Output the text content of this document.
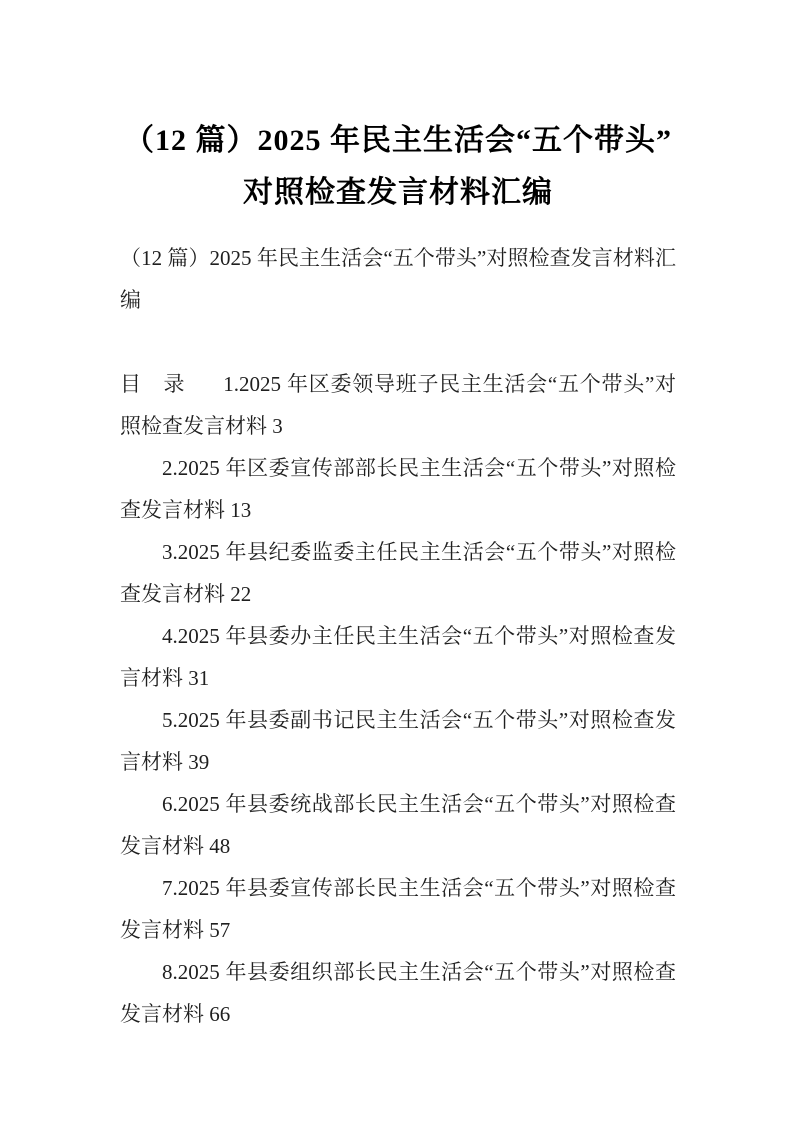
（12 篇）2025 年民主生活会“五个带头”
对照检查发言材料汇编

（12 篇）2025 年民主生活会“五个带头”对照检查发言材料汇编

目　录 1.2025 年区委领导班子民主生活会“五个带头”对照检查发言材料 3

2.2025 年区委宣传部部长民主生活会“五个带头”对照检查发言材料 13

3.2025 年县纪委监委主任民主生活会“五个带头”对照检查发言材料 22

4.2025 年县委办主任民主生活会“五个带头”对照检查发言材料 31

5.2025 年县委副书记民主生活会“五个带头”对照检查发言材料 39

6.2025 年县委统战部长民主生活会“五个带头”对照检查发言材料 48

7.2025 年县委宣传部长民主生活会“五个带头”对照检查发言材料 57

8.2025 年县委组织部长民主生活会“五个带头”对照检查发言材料 66
